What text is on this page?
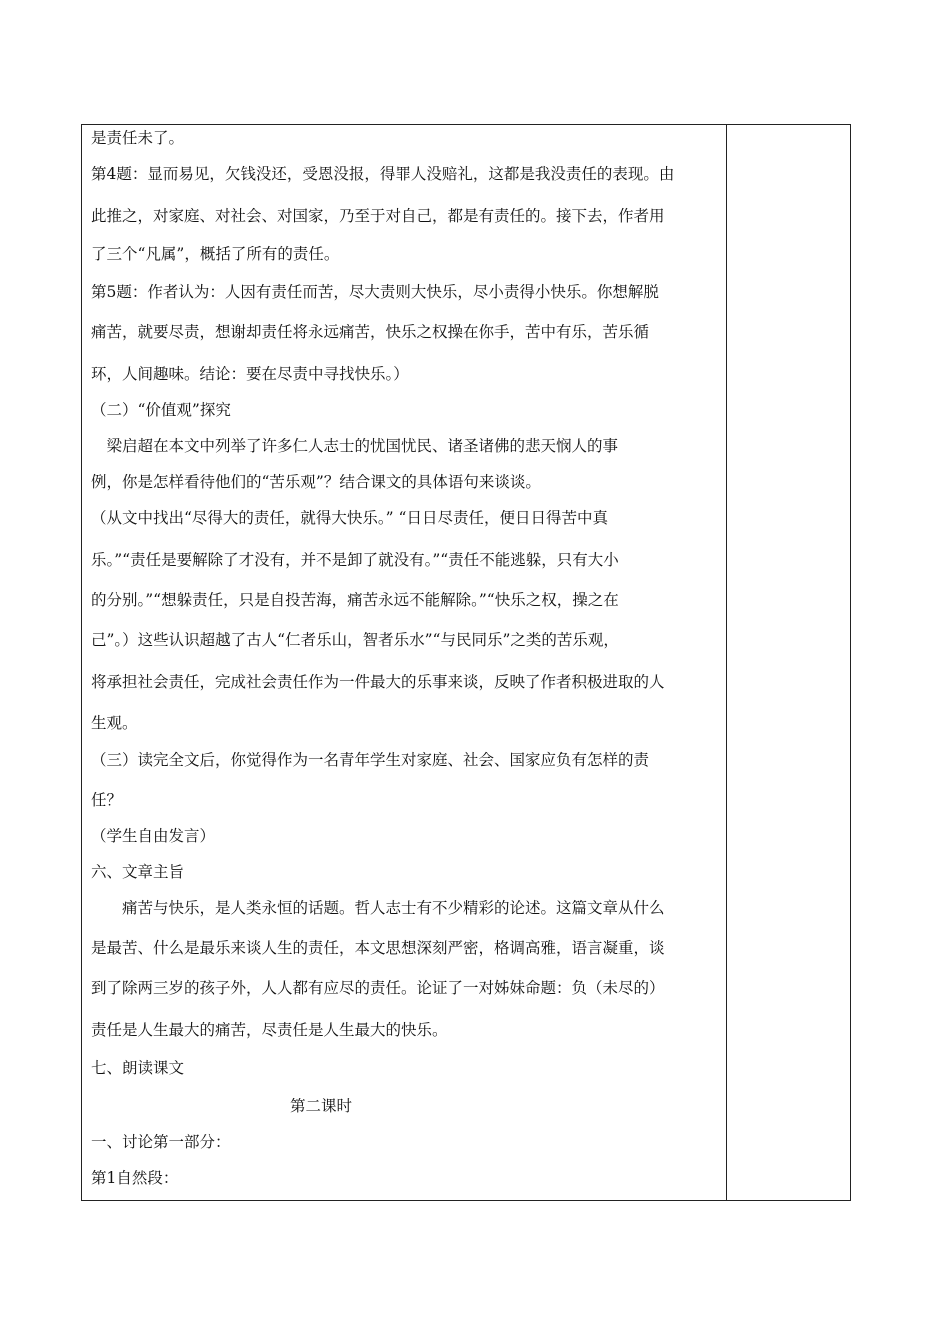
是责任未了。
第4题：显而易见，欠钱没还，受恩没报，得罪人没赔礼，这都是我没责任的表现。由
此推之，对家庭、对社会、对国家，乃至于对自己，都是有责任的。接下去，作者用
了三个“凡属”，概括了所有的责任。
第5题：作者认为：人因有责任而苦，尽大责则大快乐，尽小责得小快乐。你想解脱
痛苦，就要尽责，想谢却责任将永远痛苦，快乐之权操在你手，苦中有乐，苦乐循
环，人间趣味。结论：要在尽责中寻找快乐。）
（二）“价值观”探究
　梁启超在本文中列举了许多仁人志士的忧国忧民、诸圣诸佛的悲天悯人的事
例，你是怎样看待他们的“苦乐观”？结合课文的具体语句来谈谈。
（从文中找出“尽得大的责任，就得大快乐。” “日日尽责任，便日日得苦中真
乐。”“责任是要解除了才没有，并不是卸了就没有。”“责任不能逃躲，只有大小
的分别。”“想躲责任，只是自投苦海，痛苦永远不能解除。”“快乐之权，操之在
己”。）这些认识超越了古人“仁者乐山，智者乐水”“与民同乐”之类的苦乐观，
将承担社会责任，完成社会责任作为一件最大的乐事来谈，反映了作者积极进取的人
生观。
（三）读完全文后，你觉得作为一名青年学生对家庭、社会、国家应负有怎样的责
任？
（学生自由发言）
六、文章主旨
　　痛苦与快乐，是人类永恒的话题。哲人志士有不少精彩的论述。这篇文章从什么
是最苦、什么是最乐来谈人生的责任，本文思想深刻严密，格调高雅，语言凝重，谈
到了除两三岁的孩子外，人人都有应尽的责任。论证了一对姊妹命题：负（未尽的）
责任是人生最大的痛苦，尽责任是人生最大的快乐。
七、朗读课文
第二课时
一、讨论第一部分：
第1自然段：
